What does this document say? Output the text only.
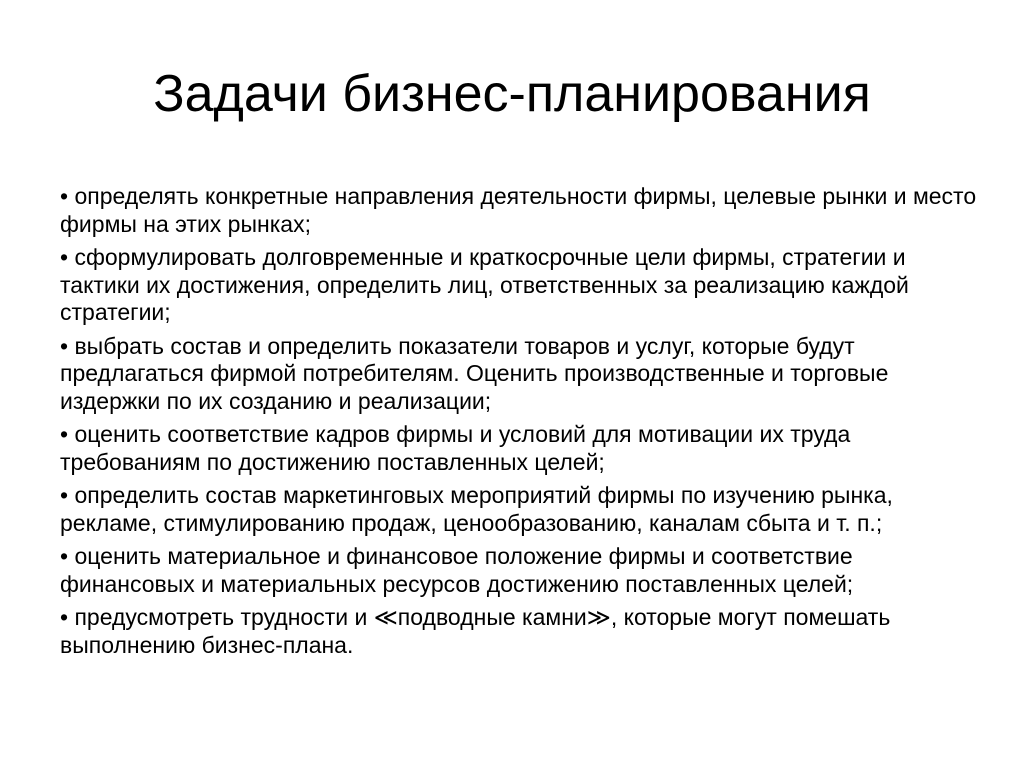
Задачи бизнес-планирования
• определять конкретные направления деятельности фирмы, целевые рынки и место фирмы на этих рынках;
• сформулировать долговременные и краткосрочные цели фирмы, стратегии и тактики их достижения, определить лиц, ответственных за реализацию каждой стратегии;
• выбрать состав и определить показатели товаров и услуг, которые будут предлагаться фирмой потребителям. Оценить производственные и торговые издержки по их созданию и реализации;
• оценить соответствие кадров фирмы и условий для мотивации их труда требованиям по достижению поставленных целей;
• определить состав маркетинговых мероприятий фирмы по изучению рынка, рекламе, стимулированию продаж, ценообразованию, каналам сбыта и т. п.;
• оценить материальное и финансовое положение фирмы и соответствие финансовых и материальных ресурсов достижению поставленных целей;
• предусмотреть трудности и ≪подводные камни≫, которые могут помешать выполнению бизнес-плана.
